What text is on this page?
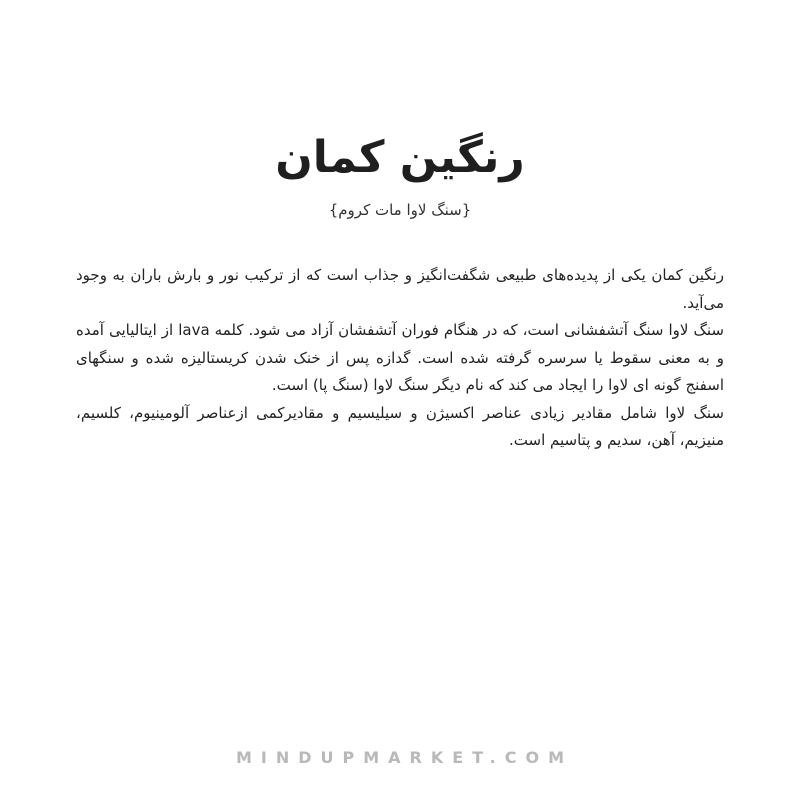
رنگین کمان
{سنگ لاوا مات کروم}

رنگین کمان یکی از پدیده‌های طبیعی شگفت‌انگیز و جذاب است که از ترکیب نور و بارش باران به وجود می‌آید.

سنگ لاوا سنگ آتشفشانی است، که در هنگام فوران آتشفشان آزاد می شود. کلمه lava از ایتالیایی آمده و به معنی سقوط یا سرسره گرفته شده است. گدازه پس از خنک شدن کریستالیزه شده و سنگهای اسفنج گونه ای لاوا را ایجاد می کند که نام دیگر سنگ لاوا (سنگ پا) است.

سنگ لاوا شامل مقادیر زیادی عناصر اکسیژن و سیلیسیم و مقادیرکمی ازعناصر آلومینیوم، کلسیم، منیزیم، آهن، سدیم و پتاسیم است.

MINDUPMARKET.COM
